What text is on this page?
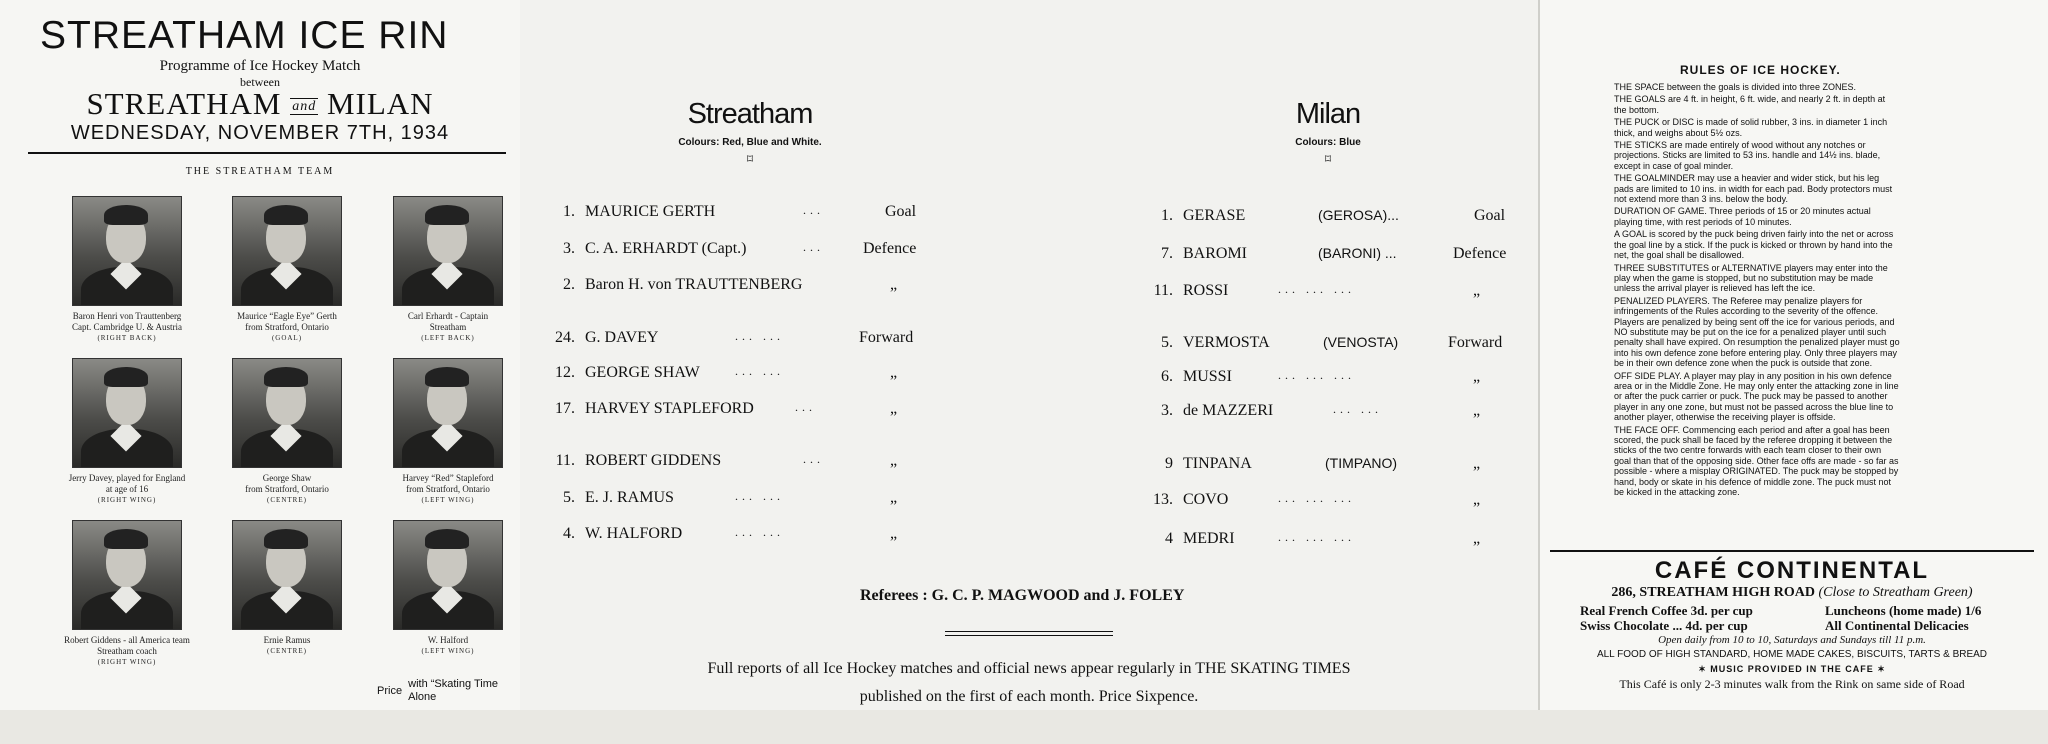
STREATHAM ICE RIN
Programme of Ice Hockey Match
between
STREATHAM and MILAN
WEDNESDAY, NOVEMBER 7TH, 1934
THE STREATHAM TEAM
Baron Henri von Trauttenberg
Capt. Cambridge U. & Austria
(RIGHT BACK)
Maurice “Eagle Eye” Gerth
from Stratford, Ontario
(GOAL)
Carl Erhardt - Captain
Streatham
(LEFT BACK)
Jerry Davey, played for England
at age of 16
(RIGHT WING)
George Shaw
from Stratford, Ontario
(CENTRE)
Harvey “Red” Stapleford
from Stratford, Ontario
(LEFT WING)
Robert Giddens - all America team
Streatham coach
(RIGHT WING)
Ernie Ramus
(CENTRE)
W. Halford
(LEFT WING)
Price
with “Skating Time
Alone
Streatham
Colours: Red, Blue and White.
⌑
1. MAURICE GERTH	...	Goal
3. C. A. ERHARDT (Capt.)	... Defence
2. Baron H. von TRAUTTENBERG	„
24. G. DAVEY	... ...	Forward
12. GEORGE SHAW	... ...	„
17. HARVEY STAPLEFORD	...	„
11. ROBERT GIDDENS	...	„
5. E. J. RAMUS	... ...	„
4. W. HALFORD	... ...	„
Milan
Colours: Blue
⌑
1. GERASE	(GEROSA)...	Goal
7. BAROMI	(BARONI) ...	Defence
11. ROSSI	... ... ...	„
5. VERMOSTA	(VENOSTA)	Forward
6. MUSSI	... ... ...	„
3. de MAZZERI	... ...	„
9 TINPANA	(TIMPANO)	„
13. COVO	... ... ...	„
4 MEDRI	... ... ...	„
Referees : G. C. P. MAGWOOD and J. FOLEY
Full reports of all Ice Hockey matches and official news appear regularly in THE SKATING TIMES
published on the first of each month. Price Sixpence.
RULES OF ICE HOCKEY.

THE SPACE between the goals is divided into three ZONES.

THE GOALS are 4 ft. in height, 6 ft. wide, and nearly 2 ft. in depth at the bottom.

THE PUCK or DISC is made of solid rubber, 3 ins. in diameter 1 inch thick, and weighs about 5½ ozs.

THE STICKS are made entirely of wood without any notches or projections. Sticks are limited to 53 ins. handle and 14½ ins. blade, except in case of goal minder.

THE GOALMINDER may use a heavier and wider stick, but his leg pads are limited to 10 ins. in width for each pad. Body protectors must not extend more than 3 ins. below the body.

DURATION OF GAME. Three periods of 15 or 20 minutes actual playing time, with rest periods of 10 minutes.

A GOAL is scored by the puck being driven fairly into the net or across the goal line by a stick. If the puck is kicked or thrown by hand into the net, the goal shall be disallowed.

THREE SUBSTITUTES or ALTERNATIVE players may enter into the play when the game is stopped, but no substitution may be made unless the arrival player is relieved has left the ice.

PENALIZED PLAYERS. The Referee may penalize players for infringements of the Rules according to the severity of the offence. Players are penalized by being sent off the ice for various periods, and NO substitute may be put on the ice for a penalized player until such penalty shall have expired. On resumption the penalized player must go into his own defence zone before entering play. Only three players may be in their own defence zone when the puck is outside that zone.

OFF SIDE PLAY. A player may play in any position in his own defence area or in the Middle Zone. He may only enter the attacking zone in line or after the puck carrier or puck. The puck may be passed to another player in any one zone, but must not be passed across the blue line to another player, otherwise the receiving player is offside.

THE FACE OFF. Commencing each period and after a goal has been scored, the puck shall be faced by the referee dropping it between the sticks of the two centre forwards with each team closer to their own goal than that of the opposing side. Other face offs are made - so far as possible - where a misplay ORIGINATED. The puck may be stopped by hand, body or skate in his defence of middle zone. The puck must not be kicked in the attacking zone.

CAFÉ CONTINENTAL
286, STREATHAM HIGH ROAD (Close to Streatham Green)
Real French Coffee 3d. per cup
Swiss Chocolate ... 4d. per cup
Luncheons (home made) 1/6
All Continental Delicacies
Open daily from 10 to 10, Saturdays and Sundays till 11 p.m.
ALL FOOD OF HIGH STANDARD, HOME MADE CAKES, BISCUITS, TARTS & BREAD
✶ MUSIC PROVIDED IN THE CAFE ✶
This Café is only 2-3 minutes walk from the Rink on same side of Road
